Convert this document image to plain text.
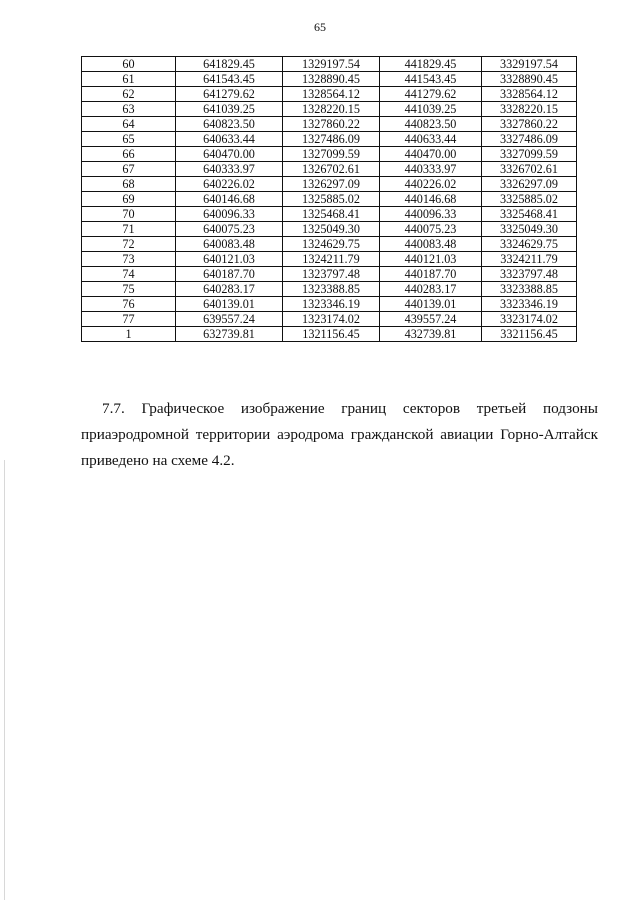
65
60	641829.45	1329197.54	441829.45	3329197.54
61	641543.45	1328890.45	441543.45	3328890.45
62	641279.62	1328564.12	441279.62	3328564.12
63	641039.25	1328220.15	441039.25	3328220.15
64	640823.50	1327860.22	440823.50	3327860.22
65	640633.44	1327486.09	440633.44	3327486.09
66	640470.00	1327099.59	440470.00	3327099.59
67	640333.97	1326702.61	440333.97	3326702.61
68	640226.02	1326297.09	440226.02	3326297.09
69	640146.68	1325885.02	440146.68	3325885.02
70	640096.33	1325468.41	440096.33	3325468.41
71	640075.23	1325049.30	440075.23	3325049.30
72	640083.48	1324629.75	440083.48	3324629.75
73	640121.03	1324211.79	440121.03	3324211.79
74	640187.70	1323797.48	440187.70	3323797.48
75	640283.17	1323388.85	440283.17	3323388.85
76	640139.01	1323346.19	440139.01	3323346.19
77	639557.24	1323174.02	439557.24	3323174.02
1	632739.81	1321156.45	432739.81	3321156.45
7.7. Графическое изображение границ секторов третьей подзоны приаэродромной территории аэродрома гражданской авиации Горно-Алтайск приведено на схеме 4.2.
